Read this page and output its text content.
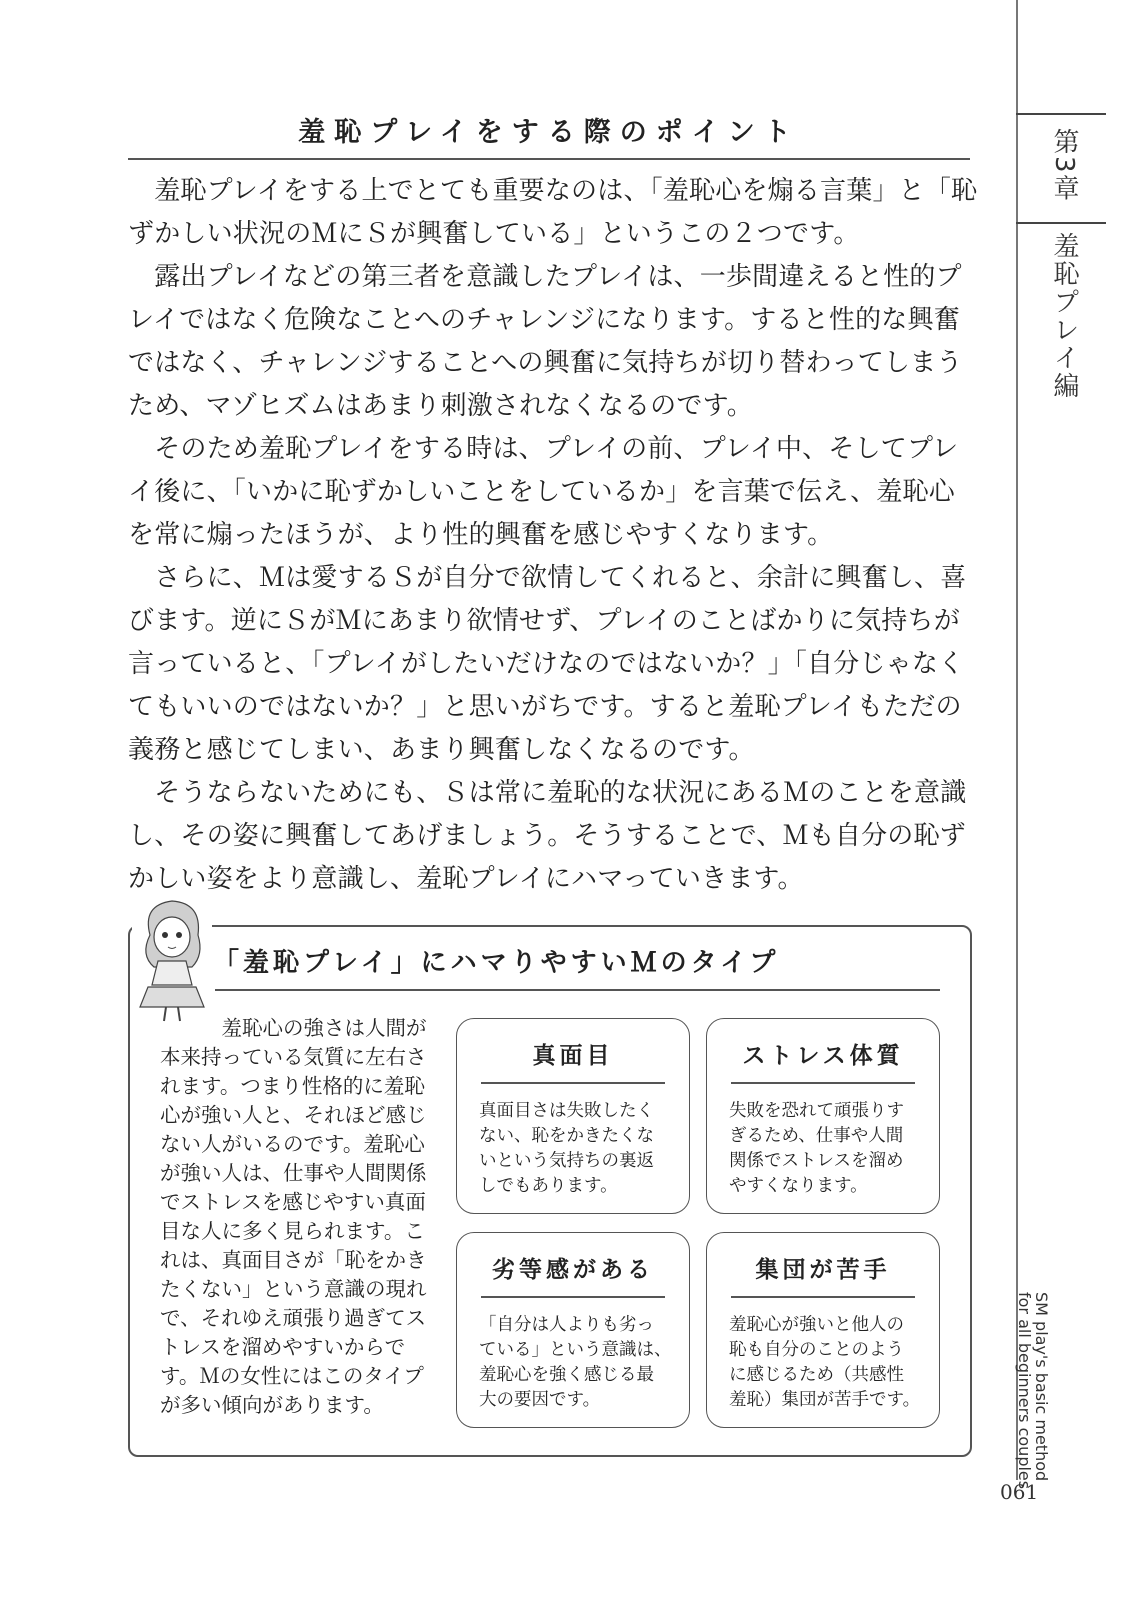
第3章
羞恥プレイ編
SM play's basic method
for all beginners couples
061
羞恥プレイをする際のポイント
　羞恥プレイをする上でとても重要なのは、「羞恥心を煽る言葉」と「恥
ずかしい状況のＭにＳが興奮している」というこの２つです。
　露出プレイなどの第三者を意識したプレイは、一歩間違えると性的プ
レイではなく危険なことへのチャレンジになります。すると性的な興奮
ではなく、チャレンジすることへの興奮に気持ちが切り替わってしまう
ため、マゾヒズムはあまり刺激されなくなるのです。
　そのため羞恥プレイをする時は、プレイの前、プレイ中、そしてプレ
イ後に、「いかに恥ずかしいことをしているか」を言葉で伝え、羞恥心
を常に煽ったほうが、より性的興奮を感じやすくなります。
　さらに、Ｍは愛するＳが自分で欲情してくれると、余計に興奮し、喜
びます。逆にＳがＭにあまり欲情せず、プレイのことばかりに気持ちが
言っていると、「プレイがしたいだけなのではないか？」「自分じゃなく
てもいいのではないか？」と思いがちです。すると羞恥プレイもただの
義務と感じてしまい、あまり興奮しなくなるのです。
　そうならないためにも、Ｓは常に羞恥的な状況にあるＭのことを意識
し、その姿に興奮してあげましょう。そうすることで、Ｍも自分の恥ず
かしい姿をより意識し、羞恥プレイにハマっていきます。
「羞恥プレイ」にハマりやすいＭのタイプ
　　　羞恥心の強さは人間が
本来持っている気質に左右さ
れます。つまり性格的に羞恥
心が強い人と、それほど感じ
ない人がいるのです。羞恥心
が強い人は、仕事や人間関係
でストレスを感じやすい真面
目な人に多く見られます。こ
れは、真面目さが「恥をかき
たくない」という意識の現れ
で、それゆえ頑張り過ぎてス
トレスを溜めやすいからで
す。Ｍの女性にはこのタイプ
が多い傾向があります。
真面目
真面目さは失敗したく
ない、恥をかきたくな
いという気持ちの裏返
しでもあります。
ストレス体質
失敗を恐れて頑張りす
ぎるため、仕事や人間
関係でストレスを溜め
やすくなります。
劣等感がある
「自分は人よりも劣っ
ている」という意識は、
羞恥心を強く感じる最
大の要因です。
集団が苦手
羞恥心が強いと他人の
恥も自分のことのよう
に感じるため（共感性
羞恥）集団が苦手です。
